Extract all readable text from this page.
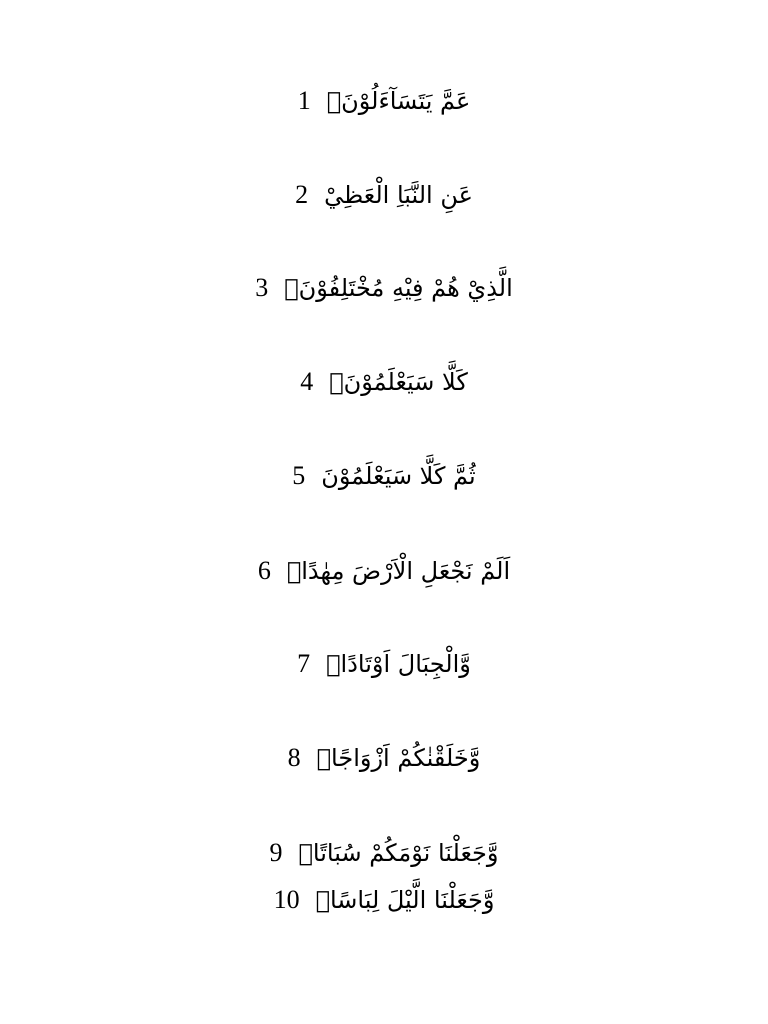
1 عَمَّ يَتَسَآءَلُوْنَۚ
2 عَنِ النَّبَاِ الْعَظِيْ
3 الَّذِيْ هُمْ فِيْهِ مُخْتَلِفُوْنَۗ
4 كَلَّا سَيَعْلَمُوْنَۙ
5 ثُمَّ كَلَّا سَيَعْلَمُوْنَ
6 اَلَمْ نَجْعَلِ الْاَرْضَ مِهٰدًاۙ
7 وَّالْجِبَالَ اَوْتَادًاۖ
8 وَّخَلَقْنٰكُمْ اَزْوَاجًاۙ
9 وَّجَعَلْنَا نَوْمَكُمْ سُبَاتًاۙ
10 وَّجَعَلْنَا الَّيْلَ لِبَاسًاۙ
